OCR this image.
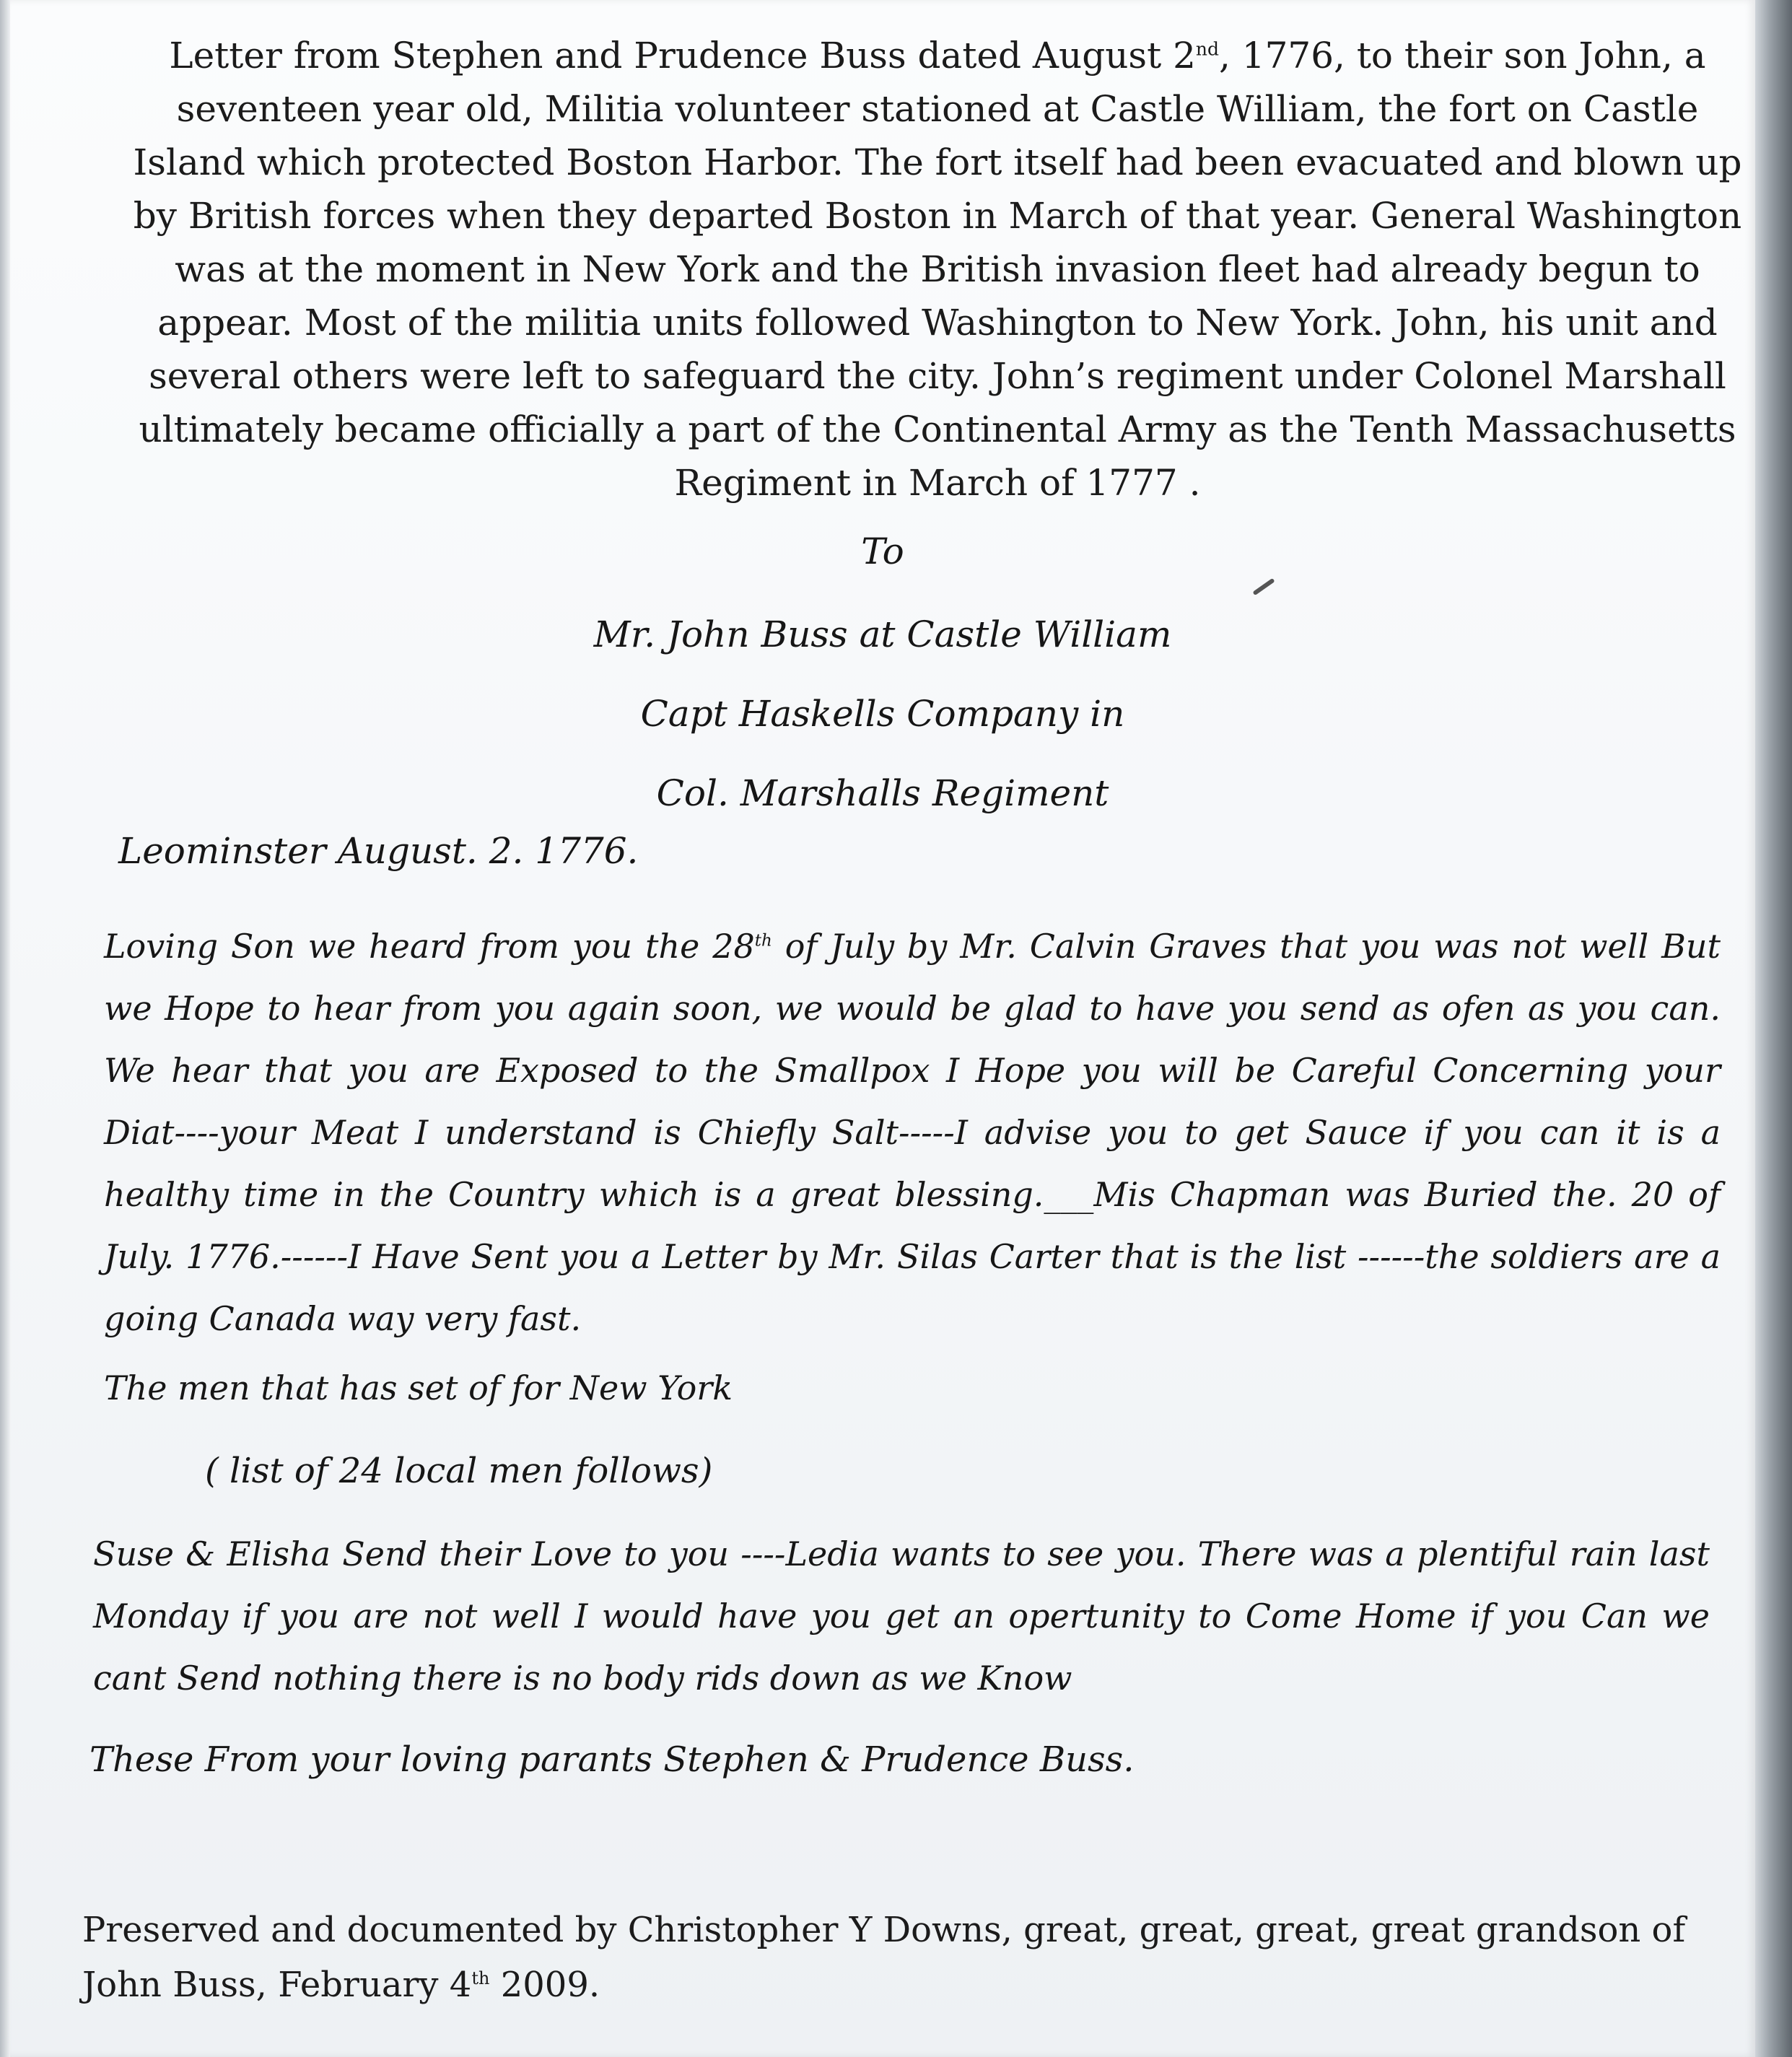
Letter from Stephen and Prudence Buss dated August 2nd, 1776, to their son John, a seventeen year old, Militia volunteer stationed at Castle William, the fort on Castle Island which protected Boston Harbor. The fort itself had been evacuated and blown up by British forces when they departed Boston in March of that year. General Washington was at the moment in New York and the British invasion fleet had already begun to appear. Most of the militia units followed Washington to New York. John, his unit and several others were left to safeguard the city. John’s regiment under Colonel Marshall ultimately became officially a part of the Continental Army as the Tenth Massachusetts Regiment in March of 1777 .

To

Mr. John Buss at Castle William

Capt Haskells Company in

Col. Marshalls Regiment

Leominster August. 2. 1776.

Loving Son we heard from you the 28th of July by Mr. Calvin Graves that you was not well But we Hope to hear from you again soon, we would be glad to have you send as ofen as you can. We hear that you are Exposed to the Smallpox I Hope you will be Careful Concerning your Diat----your Meat I understand is Chiefly Salt-----I advise you to get Sauce if you can it is a healthy time in the Country which is a great blessing.___Mis Chapman was Buried the. 20 of July. 1776.------I Have Sent you a Letter by Mr. Silas Carter that is the list ------the soldiers are a going Canada way very fast.

The men that has set of for New York

( list of 24 local men follows)

Suse & Elisha Send their Love to you ----Ledia wants to see you. There was a plentiful rain last Monday if you are not well I would have you get an opertunity to Come Home if you Can we cant Send nothing there is no body rids down as we Know

These From your loving parants Stephen & Prudence Buss.

Preserved and documented by Christopher Y Downs, great, great, great, great grandson of John Buss, February 4th 2009.
